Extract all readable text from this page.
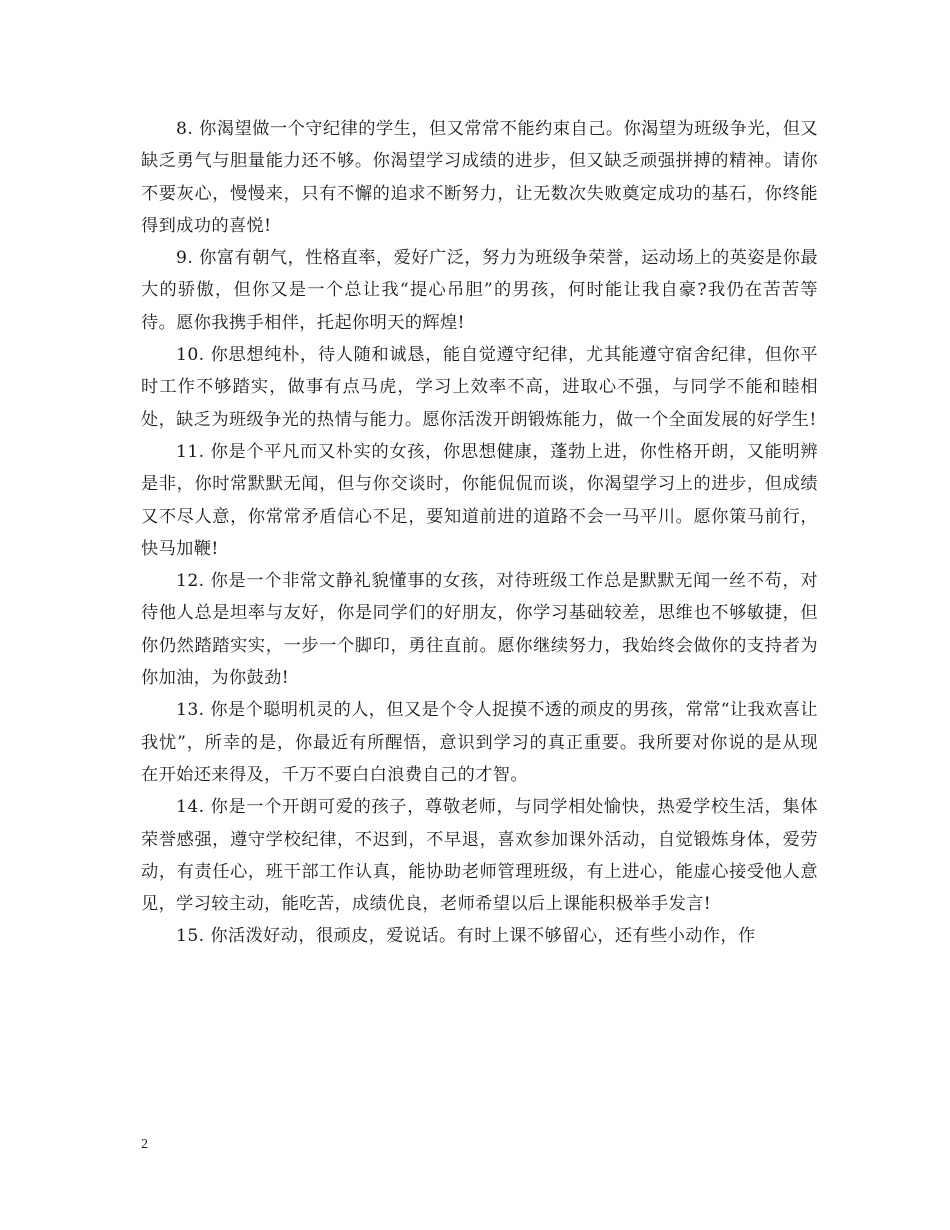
8. 你渴望做一个守纪律的学生，但又常常不能约束自己。你渴望为班级争光，但又缺乏勇气与胆量能力还不够。你渴望学习成绩的进步，但又缺乏顽强拼搏的精神。请你不要灰心，慢慢来，只有不懈的追求不断努力，让无数次失败奠定成功的基石，你终能得到成功的喜悦!

9. 你富有朝气，性格直率，爱好广泛，努力为班级争荣誉，运动场上的英姿是你最大的骄傲，但你又是一个总让我“提心吊胆”的男孩，何时能让我自豪?我仍在苦苦等待。愿你我携手相伴，托起你明天的辉煌!

10. 你思想纯朴，待人随和诚恳，能自觉遵守纪律，尤其能遵守宿舍纪律，但你平时工作不够踏实，做事有点马虎，学习上效率不高，进取心不强，与同学不能和睦相处，缺乏为班级争光的热情与能力。愿你活泼开朗锻炼能力，做一个全面发展的好学生!

11. 你是个平凡而又朴实的女孩，你思想健康，蓬勃上进，你性格开朗，又能明辨是非，你时常默默无闻，但与你交谈时，你能侃侃而谈，你渴望学习上的进步，但成绩又不尽人意，你常常矛盾信心不足，要知道前进的道路不会一马平川。愿你策马前行，快马加鞭!

12. 你是一个非常文静礼貌懂事的女孩，对待班级工作总是默默无闻一丝不苟，对待他人总是坦率与友好，你是同学们的好朋友，你学习基础较差，思维也不够敏捷，但你仍然踏踏实实，一步一个脚印，勇往直前。愿你继续努力，我始终会做你的支持者为你加油，为你鼓劲!

13. 你是个聪明机灵的人，但又是个令人捉摸不透的顽皮的男孩，常常“让我欢喜让我忧”，所幸的是，你最近有所醒悟，意识到学习的真正重要。我所要对你说的是从现在开始还来得及，千万不要白白浪费自己的才智。

14. 你是一个开朗可爱的孩子，尊敬老师，与同学相处愉快，热爱学校生活，集体荣誉感强，遵守学校纪律，不迟到，不早退，喜欢参加课外活动，自觉锻炼身体，爱劳动，有责任心，班干部工作认真，能协助老师管理班级，有上进心，能虚心接受他人意见，学习较主动，能吃苦，成绩优良，老师希望以后上课能积极举手发言!

15. 你活泼好动，很顽皮，爱说话。有时上课不够留心，还有些小动作，作

2
